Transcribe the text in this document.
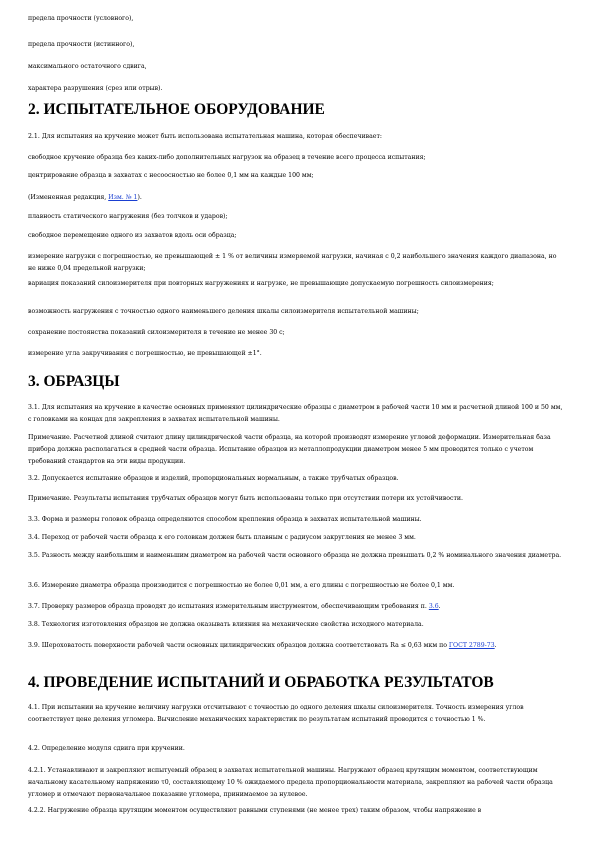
предела прочности (условного),

предела прочности (истинного),

максимального остаточного сдвига,

характера разрушения (срез или отрыв).

2. ИСПЫТАТЕЛЬНОЕ ОБОРУДОВАНИЕ

2.1. Для испытания на кручение может быть использована испытательная машина, которая обеспечивает:

свободное кручение образца без каких-либо дополнительных нагрузок на образец в течение всего процесса испытания;

центрирование образца в захватах с несоосностью не более 0,1 мм на каждые 100 мм;

(Измененная редакция, Изм. № 1).

плавность статического нагружения (без толчков и ударов);

свободное перемещение одного из захватов вдоль оси образца;

измерение нагрузки с погрешностью, не превышающей ± 1 % от величины измеряемой нагрузки, начиная с 0,2 наибольшего значения каждого диапазона, но не ниже 0,04 предельной нагрузки;

вариация показаний силоизмерителя при повторных нагружениях и нагрузке, не превышающие допускаемую погрешность силоизмерения;

возможность нагружения с точностью одного наименьшего деления шкалы силоизмерителя испытательной машины;

сохранение постоянства показаний силоизмерителя в течение не менее 30 с;

измерение угла закручивания с погрешностью, не превышающей ±1°.

3. ОБРАЗЦЫ

3.1. Для испытания на кручение в качестве основных применяют цилиндрические образцы с диаметром в рабочей части 10 мм и расчетной длиной 100 и 50 мм, с головками на концах для закрепления в захватах испытательной машины.

Примечание. Расчетной длиной считают длину цилиндрической части образца, на которой производят измерение угловой деформации. Измерительная база прибора должна располагаться в средней части образца. Испытание образцов из металлопродукции диаметром менее 5 мм проводится только с учетом требований стандартов на эти виды продукции.

3.2. Допускается испытание образцов и изделий, пропорциональных нормальным, а также трубчатых образцов.

Примечание. Результаты испытания трубчатых образцов могут быть использованы только при отсутствии потери их устойчивости.

3.3. Форма и размеры головок образца определяются способом крепления образца в захватах испытательной машины.

3.4. Переход от рабочей части образца к его головкам должен быть плавным с радиусом закругления не менее 3 мм.

3.5. Разность между наибольшим и наименьшим диаметром на рабочей части основного образца не должна превышать 0,2 % номинального значения диаметра.

3.6. Измерение диаметра образца производится с погрешностью не более 0,01 мм, а его длины с погрешностью не более 0,1 мм.

3.7. Проверку размеров образца проводят до испытания измерительным инструментом, обеспечивающим требования п. 3.6.

3.8. Технология изготовления образцов не должна оказывать влияния на механические свойства исходного материала.

3.9. Шероховатость поверхности рабочей части основных цилиндрических образцов должна соответствовать Ra ≤ 0,63 мкм по ГОСТ 2789-73.

4. ПРОВЕДЕНИЕ ИСПЫТАНИЙ И ОБРАБОТКА РЕЗУЛЬТАТОВ

4.1. При испытании на кручение величину нагрузки отсчитывают с точностью до одного деления шкалы силоизмерителя. Точность измерения углов соответствует цене деления угломера. Вычисление механических характеристик по результатам испытаний проводится с точностью 1 %.

4.2. Определение модуля сдвига при кручении.

4.2.1. Устанавливают и закрепляют испытуемый образец в захватах испытательной машины. Нагружают образец крутящим моментом, соответствующим начальному касательному напряжению τ0, составляющему 10 % ожидаемого предела пропорциональности материала, закрепляют на рабочей части образца угломер и отмечают первоначальное показание угломера, принимаемое за нулевое.

4.2.2. Нагружение образца крутящим моментом осуществляют равными ступенями (не менее трех) таким образом, чтобы напряжение в
